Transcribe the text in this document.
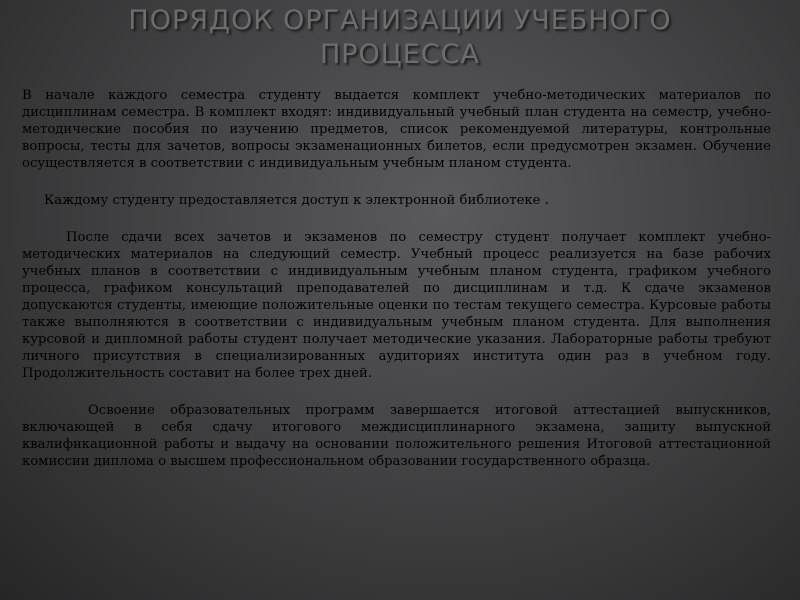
ПОРЯДОК ОРГАНИЗАЦИИ УЧЕБНОГО ПРОЦЕССА

В начале каждого семестра студенту выдается комплект учебно-методических материалов по дисциплинам семестра. В комплект входят: индивидуальный учебный план студента на семестр, учебно-методические пособия по изучению предметов, список рекомендуемой литературы, контрольные вопросы, тесты для зачетов, вопросы экзаменационных билетов, если предусмотрен экзамен. Обучение осуществляется в соответствии с индивидуальным учебным планом студента.

Каждому студенту предоставляется доступ к электронной библиотеке .

После сдачи всех зачетов и экзаменов по семестру студент получает комплект учебно-методических материалов на следующий семестр. Учебный процесс реализуется на базе рабочих учебных планов в соответствии с индивидуальным учебным планом студента, графиком учебного процесса, графиком консультаций преподавателей по дисциплинам и т.д. К сдаче экзаменов допускаются студенты, имеющие положительные оценки по тестам текущего семестра. Курсовые работы также выполняются в соответствии с индивидуальным учебным планом студента. Для выполнения курсовой и дипломной работы студент получает методические указания. Лабораторные работы требуют личного присутствия в специализированных аудиториях института один раз в учебном году. Продолжительность составит на более трех дней.

Освоение образовательных программ завершается итоговой аттестацией выпускников, включающей в себя сдачу итогового междисциплинарного экзамена, защиту выпускной квалификационной работы и выдачу на основании положительного решения Итоговой аттестационной комиссии диплома о высшем профессиональном образовании государственного образца.
